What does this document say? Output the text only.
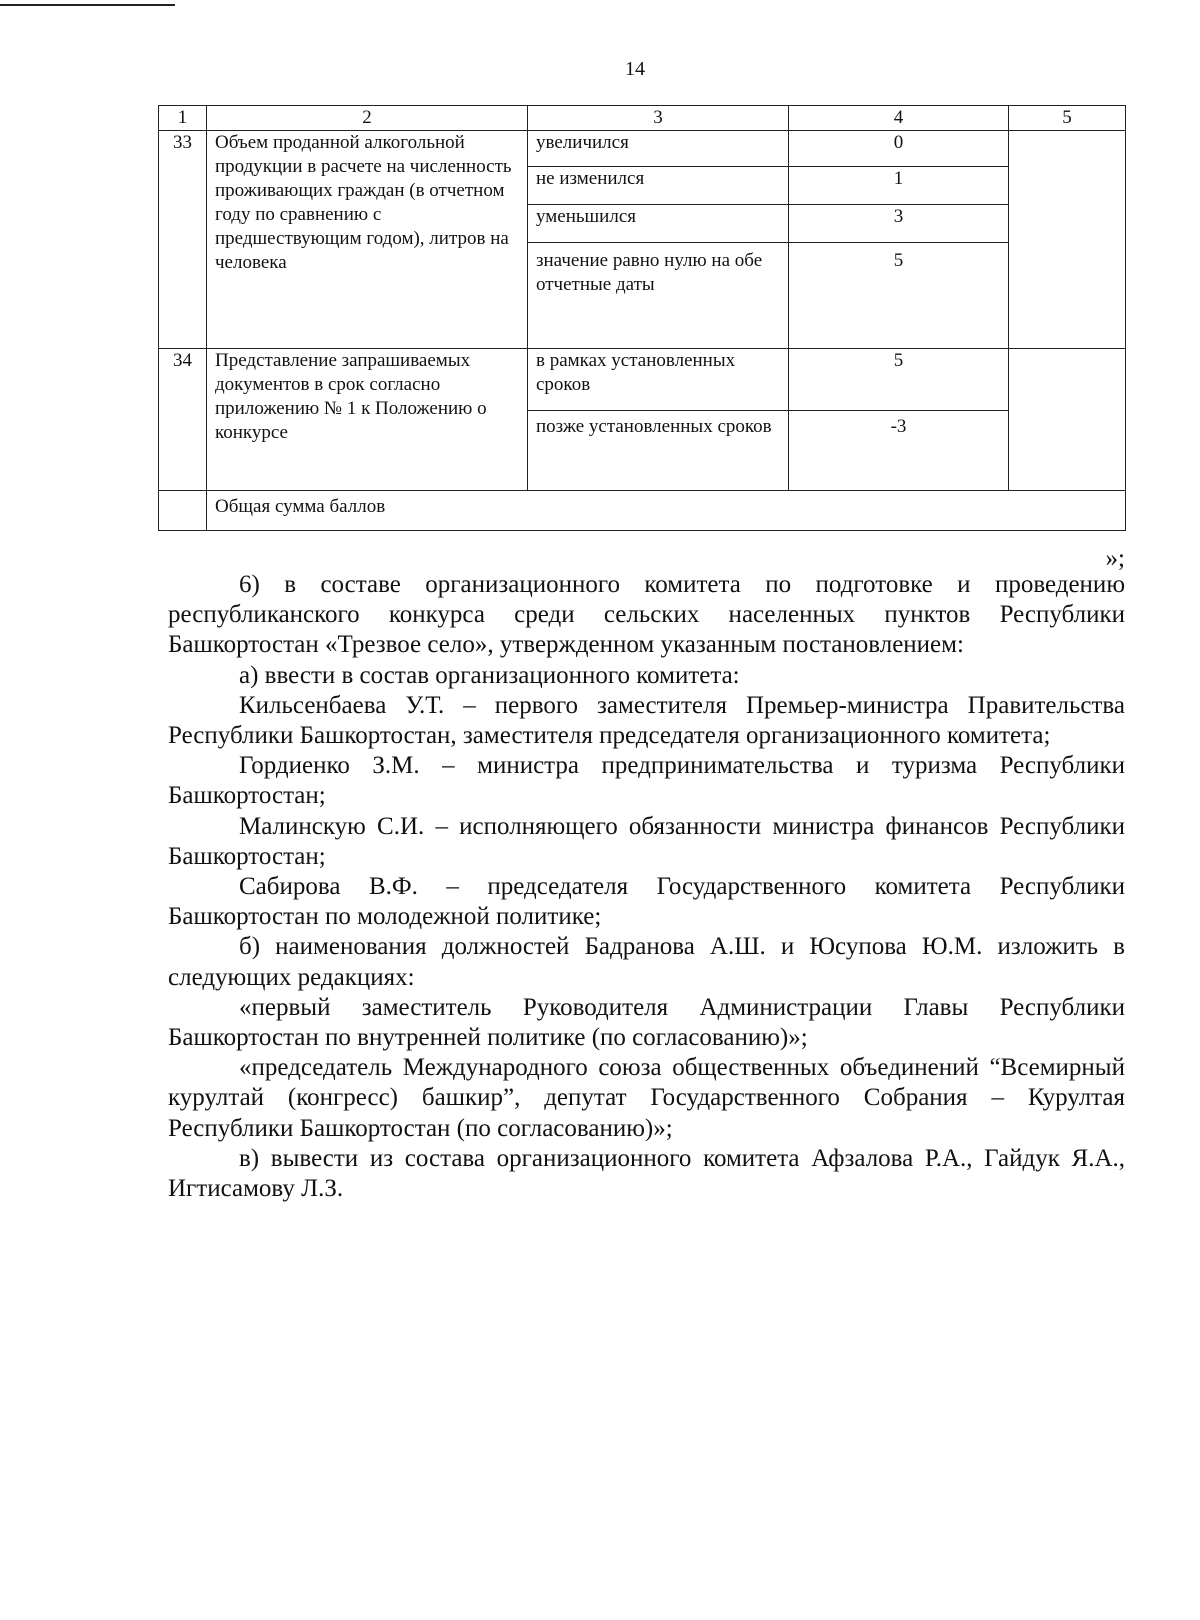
14
1	2	3	4	5
33	Объем проданной алкогольной продукции в расчете на численность проживающих граждан (в отчетном году по сравнению с предшествующим годом), литров на человека	увеличился	0	
		не изменился	1	
		уменьшился	3	
		значение равно нулю на обе отчетные даты	5	
34	Представление запрашиваемых документов в срок согласно приложению № 1 к Положению о конкурсе	в рамках установленных сроков	5	
		позже установленных сроков	-3	
	Общая сумма баллов			

»;

6) в составе организационного комитета по подготовке и проведению республиканского конкурса среди сельских населенных пунктов Республики Башкортостан «Трезвое село», утвержденном указанным постановлением:

а) ввести в состав организационного комитета:

Кильсенбаева У.Т. – первого заместителя Премьер-министра Правительства Республики Башкортостан, заместителя председателя организационного комитета;

Гордиенко З.М. – министра предпринимательства и туризма Республики Башкортостан;

Малинскую С.И. – исполняющего обязанности министра финансов Республики Башкортостан;

Сабирова В.Ф. – председателя Государственного комитета Республики Башкортостан по молодежной политике;

б) наименования должностей Бадранова А.Ш. и Юсупова Ю.М. изложить в следующих редакциях:

«первый заместитель Руководителя Администрации Главы Республики Башкортостан по внутренней политике (по согласованию)»;

«председатель Международного союза общественных объединений “Всемирный курултай (конгресс) башкир”, депутат Государственного Собрания – Курултая Республики Башкортостан (по согласованию)»;

в) вывести из состава организационного комитета Афзалова Р.А., Гайдук Я.А., Игтисамову Л.З.
